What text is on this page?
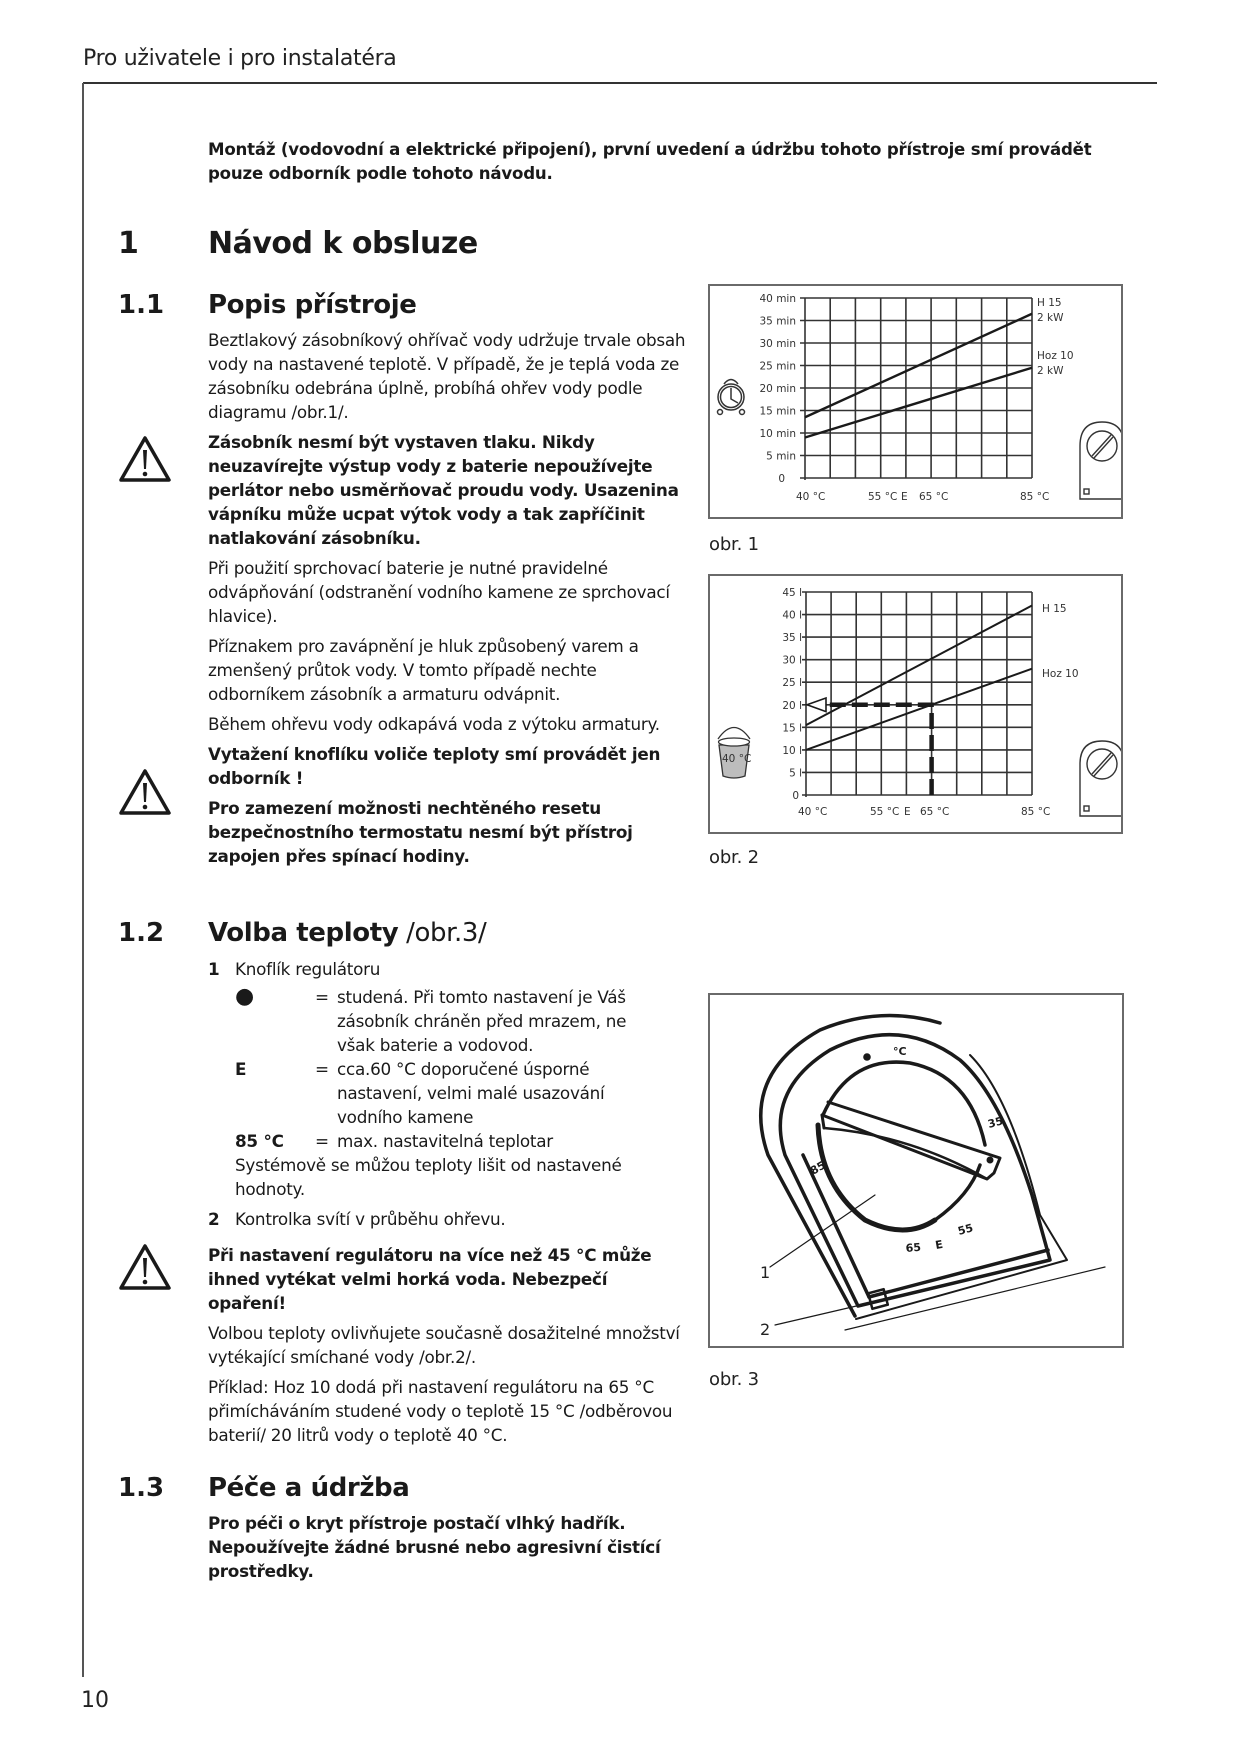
Pro uživatele i pro instalatéra
10
Montáž (vodovodní a elektrické připojení), první uvedení a údržbu tohoto přístroje smí provádět
pouze odborník podle tohoto návodu.
1 Návod k obsluze
1.1 Popis přístroje

Beztlakový zásobníkový ohřívač vody udržuje trvale obsah vody na nastavené teplotě. V případě, že je teplá voda ze zásobníku odebrána úplně, probíhá ohřev vody podle diagramu /obr.1/.

Zásobník nesmí být vystaven tlaku. Nikdy neuzavírejte výstup vody z baterie nepoužívejte perlátor nebo usměrňovač proudu vody. Usazenina vápníku může ucpat výtok vody a tak zapříčinit natlakování zásobníku.

Při použití sprchovací baterie je nutné pravidelné odvápňování (odstranění vodního kamene ze sprchovací hlavice).

Příznakem pro zavápnění je hluk způsobený varem a zmenšený průtok vody. V tomto případě nechte odborníkem zásobník a armaturu odvápnit.

Během ohřevu vody odkapává voda z výtoku armatury.

Vytažení knoflíku voliče teploty smí provádět jen odborník !

Pro zamezení možnosti nechtěného resetu bezpečnostního termostatu nesmí být přístroj zapojen přes spínací hodiny.

1.2 Volba teploty /obr.3/
1 Knoflík regulátoru
●	= studená. Při tomto nastavení je Váš zásobník chráněn před mrazem, ne však baterie a vodovod.
E	= cca.60 °C doporučené úsporné nastavení, velmi malé usazování vodního kamene
85 °C	= max. nastavitelná teplotar
Systémově se můžou teploty lišit od nastavené hodnoty.
2 Kontrolka svítí v průběhu ohřevu.

Při nastavení regulátoru na více než 45 °C může ihned vytékat velmi horká voda. Nebezpečí opaření!

Volbou teploty ovlivňujete současně dosažitelné množství vytékající smíchané vody /obr.2/.

Příklad: Hoz 10 dodá při nastavení regulátoru na 65 °C přimícháváním studené vody o teplotě 15 °C /odběrovou baterií/ 20 litrů vody o teplotě 40 °C.

1.3 Péče a údržba
Pro péči o kryt přístroje postačí vlhký hadřík. Nepoužívejte žádné brusné nebo agresivní čistící prostředky.
40 min
35 min
30 min
25 min
20 min
15 min
10 min
5 min
0
40 °C	55 °C E 65 °C	85 °C
H 15
2 kW
Hoz 10
2 kW
obr. 1
45 l
40 l
35 l
30 l
25 l
20 l
15 l
10 l
5 l
0
40 °C	55 °C E 65 °C	85 °C
H 15
Hoz 10
40 °C
obr. 2
°C
35
55
E
65
85
1
2
obr. 3
